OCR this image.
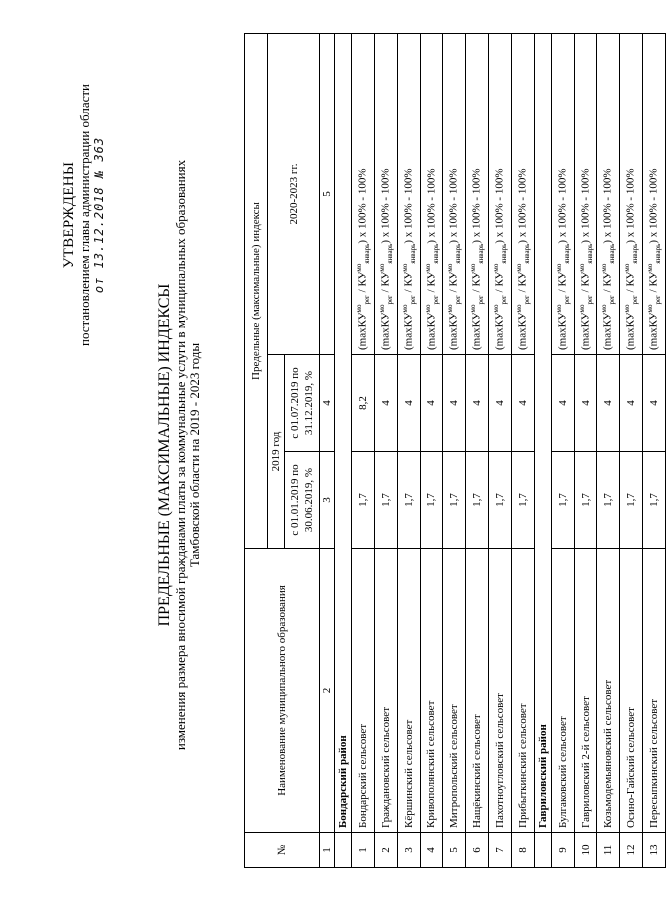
УТВЕРЖДЕНЫ постановлением главы администрации области от 13.12.2018 № 363
ПРЕДЕЛЬНЫЕ (МАКСИМАЛЬНЫЕ) ИНДЕКСЫ изменения размера вносимой гражданами платы за коммунальные услуги в муниципальных образованиях Тамбовской области на 2019 - 2023 годы
№	Наименование муниципального образования	Предельные (максимальные) индексы		
		2019 год		2020-2023 гг.
		с 01.01.2019 по 30.06.2019, %	с 01.07.2019 по 31.12.2019, %	
1	2	3	4	5
	Бондарский район			
1	Бондарский сельсовет	1,7	8,2	$(\max КУ^{мо}_{рег} / КУ^{мо}_{январь})$ x 100% - 100%
2	Граждановский сельсовет	1,7	4	$(\max КУ^{мо}_{рег} / КУ^{мо}_{январь})$ x 100% - 100%
3	Кёршинский сельсовет	1,7	4	$(\max КУ^{мо}_{рег} / КУ^{мо}_{январь})$ x 100% - 100%
4	Кривополянский сельсовет	1,7	4	$(\max КУ^{мо}_{рег} / КУ^{мо}_{январь})$ x 100% - 100%
5	Митропольский сельсовет	1,7	4	$(\max КУ^{мо}_{рег} / КУ^{мо}_{январь})$ x 100% - 100%
6	Нащёкинский сельсовет	1,7	4	$(\max КУ^{мо}_{рег} / КУ^{мо}_{январь})$ x 100% - 100%
7	Пахотноугловский сельсовет	1,7	4	$(\max КУ^{мо}_{рег} / КУ^{мо}_{январь})$ x 100% - 100%
8	Прибыткинский сельсовет	1,7	4	$(\max КУ^{мо}_{рег} / КУ^{мо}_{январь})$ x 100% - 100%
	Гавриловский район			
9	Булгаковский сельсовет	1,7	4	$(\max КУ^{мо}_{рег} / КУ^{мо}_{январь})$ x 100% - 100%
10	Гавриловский 2-й сельсовет	1,7	4	$(\max КУ^{мо}_{рег} / КУ^{мо}_{январь})$ x 100% - 100%
11	Козьмодемьяновский сельсовет	1,7	4	$(\max КУ^{мо}_{рег} / КУ^{мо}_{январь})$ x 100% - 100%
12	Осино-Гайский сельсовет	1,7	4	$(\max КУ^{мо}_{рег} / КУ^{мо}_{январь})$ x 100% - 100%
13	Пересыпкинский сельсовет	1,7	4	$(\max КУ^{мо}_{рег} / КУ^{мо}_{январь})$ x 100% - 100%
